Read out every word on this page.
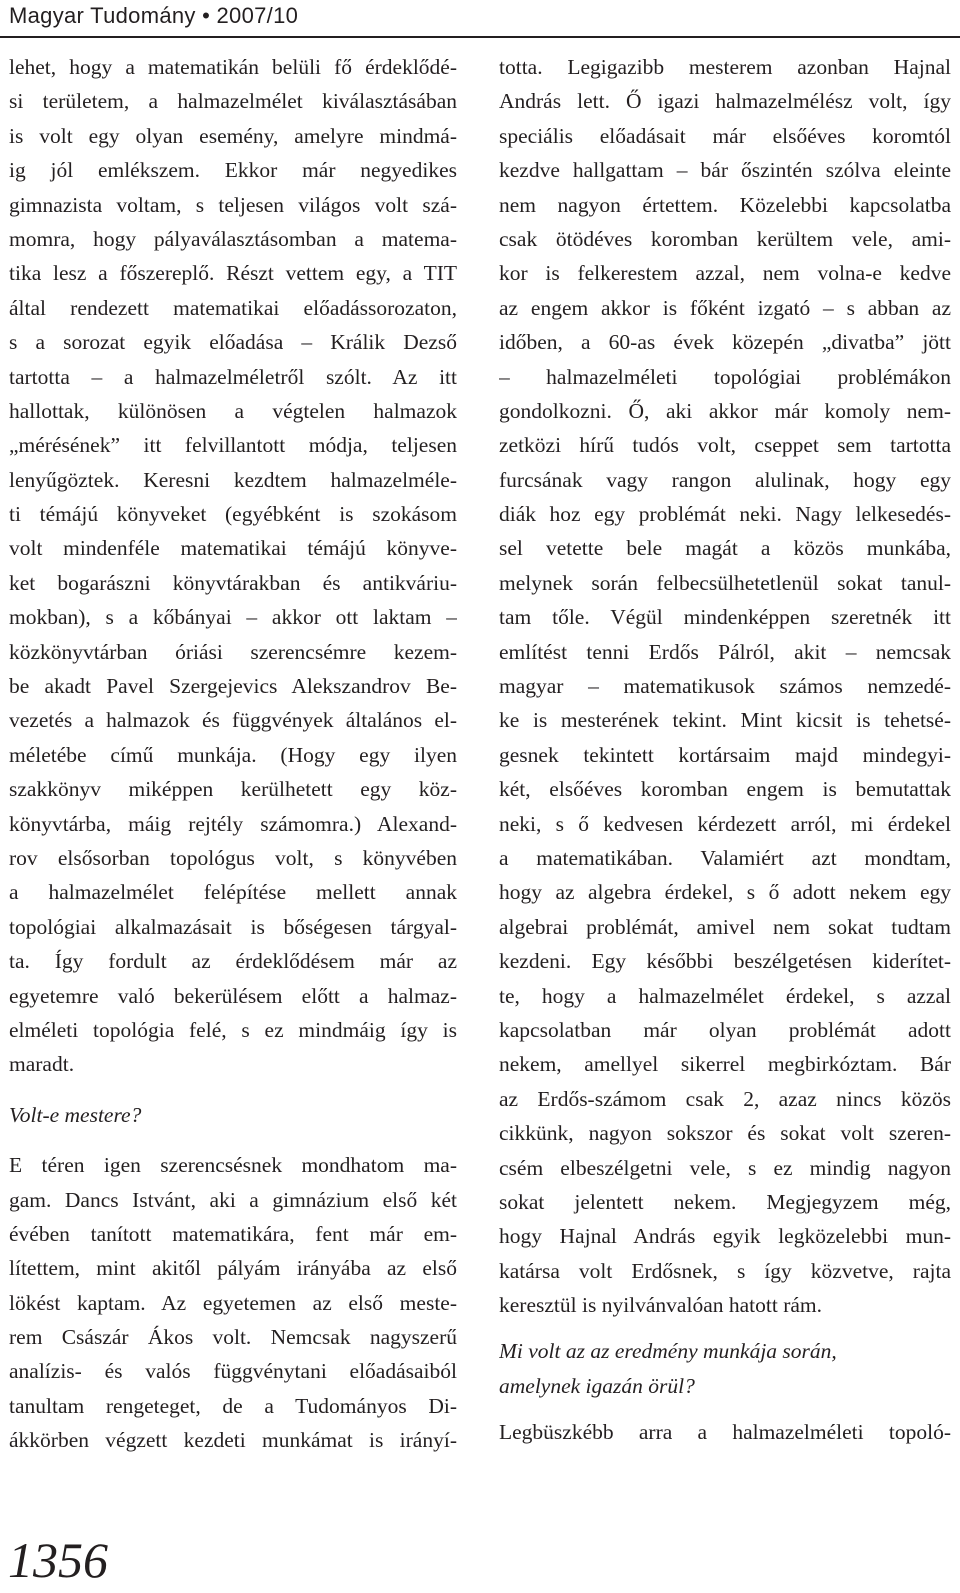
Magyar Tudomány • 2007/10
lehet, hogy a matematikán belüli fő érdeklődé-
si területem, a halmazelmélet kiválasztásában
is volt egy olyan esemény, amelyre mindmá-
ig jól emlékszem. Ekkor már negyedikes
gimnazista voltam, s teljesen világos volt szá-
momra, hogy pályaválasztásomban a matema-
tika lesz a főszereplő. Részt vettem egy, a TIT
által rendezett matematikai előadássorozaton,
s a sorozat egyik előadása – Králik Dezső
tartotta – a halmazelméletről szólt. Az itt
hallottak, különösen a végtelen halmazok
„mérésének” itt felvillantott módja, teljesen
lenyűgöztek. Keresni kezdtem halmazelméle-
ti témájú könyveket (egyébként is szokásom
volt mindenféle matematikai témájú könyve-
ket bogarászni könyvtárakban és antikváriu-
mokban), s a kőbányai – akkor ott laktam –
közkönyvtárban óriási szerencsémre kezem-
be akadt Pavel Szergejevics Alekszandrov Be-
vezetés a halmazok és függvények általános el-
méletébe című munkája. (Hogy egy ilyen
szakkönyv miképpen kerülhetett egy köz-
könyvtárba, máig rejtély számomra.) Alexand-
rov elsősorban topológus volt, s könyvében
a halmazelmélet felépítése mellett annak
topológiai alkalmazásait is bőségesen tárgyal-
ta. Így fordult az érdeklődésem már az
egyetemre való bekerülésem előtt a halmaz-
elméleti topológia felé, s ez mindmáig így is
maradt.
Volt-e mestere?
E téren igen szerencsésnek mondhatom ma-
gam. Dancs Istvánt, aki a gimnázium első két
évében tanított matematikára, fent már em-
lítettem, mint akitől pályám irányába az első
lökést kaptam. Az egyetemen az első meste-
rem Császár Ákos volt. Nemcsak nagyszerű
analízis- és valós függvénytani előadásaiból
tanultam rengeteget, de a Tudományos Di-
ákkörben végzett kezdeti munkámat is irányí-
totta. Legigazibb mesterem azonban Hajnal
András lett. Ő igazi halmazelmélész volt, így
speciális előadásait már elsőéves koromtól
kezdve hallgattam – bár őszintén szólva eleinte
nem nagyon értettem. Közelebbi kapcsolatba
csak ötödéves koromban kerültem vele, ami-
kor is felkerestem azzal, nem volna-e kedve
az engem akkor is főként izgató – s abban az
időben, a 60-as évek közepén „divatba” jött
– halmazelméleti topológiai problémákon
gondolkozni. Ő, aki akkor már komoly nem-
zetközi hírű tudós volt, cseppet sem tartotta
furcsának vagy rangon alulinak, hogy egy
diák hoz egy problémát neki. Nagy lelkesedés-
sel vetette bele magát a közös munkába,
melynek során felbecsülhetetlenül sokat tanul-
tam tőle. Végül mindenképpen szeretnék itt
említést tenni Erdős Pálról, akit – nemcsak
magyar – matematikusok számos nemzedé-
ke is mesterének tekint. Mint kicsit is tehetsé-
gesnek tekintett kortársaim majd mindegyi-
két, elsőéves koromban engem is bemutattak
neki, s ő kedvesen kérdezett arról, mi érdekel
a matematikában. Valamiért azt mondtam,
hogy az algebra érdekel, s ő adott nekem egy
algebrai problémát, amivel nem sokat tudtam
kezdeni. Egy későbbi beszélgetésen kiderítet-
te, hogy a halmazelmélet érdekel, s azzal
kapcsolatban már olyan problémát adott
nekem, amellyel sikerrel megbirkóztam. Bár
az Erdős-számom csak 2, azaz nincs közös
cikkünk, nagyon sokszor és sokat volt szeren-
csém elbeszélgetni vele, s ez mindig nagyon
sokat jelentett nekem. Megjegyzem még,
hogy Hajnal András egyik legközelebbi mun-
katársa volt Erdősnek, s így közvetve, rajta
keresztül is nyilvánvalóan hatott rám.
Mi volt az az eredmény munkája során,
amelynek igazán örül?
Legbüszkébb arra a halmazelméleti topoló-
1356
